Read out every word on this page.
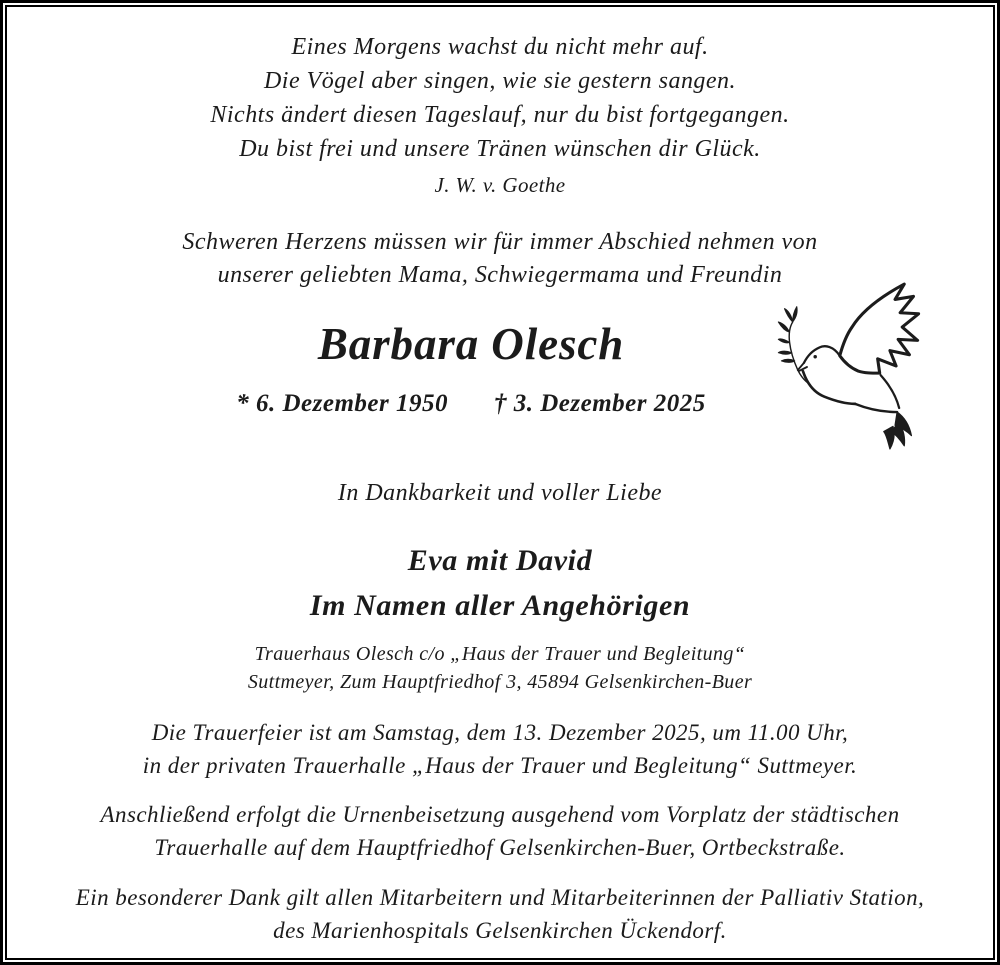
Eines Morgens wachst du nicht mehr auf.
Die Vögel aber singen, wie sie gestern sangen.
Nichts ändert diesen Tageslauf, nur du bist fortgegangen.
Du bist frei und unsere Tränen wünschen dir Glück.
J. W. v. Goethe
Schweren Herzens müssen wir für immer Abschied nehmen von
unserer geliebten Mama, Schwiegermama und Freundin
Barbara Olesch
* 6. Dezember 1950 † 3. Dezember 2025
In Dankbarkeit und voller Liebe
Eva mit David
Im Namen aller Angehörigen
Trauerhaus Olesch c/o „Haus der Trauer und Begleitung“
Suttmeyer, Zum Hauptfriedhof 3, 45894 Gelsenkirchen-Buer
Die Trauerfeier ist am Samstag, dem 13. Dezember 2025, um 11.00 Uhr,
in der privaten Trauerhalle „Haus der Trauer und Begleitung“ Suttmeyer.
Anschließend erfolgt die Urnenbeisetzung ausgehend vom Vorplatz der städtischen
Trauerhalle auf dem Hauptfriedhof Gelsenkirchen-Buer, Ortbeckstraße.
Ein besonderer Dank gilt allen Mitarbeitern und Mitarbeiterinnen der Palliativ Station,
des Marienhospitals Gelsenkirchen Ückendorf.
